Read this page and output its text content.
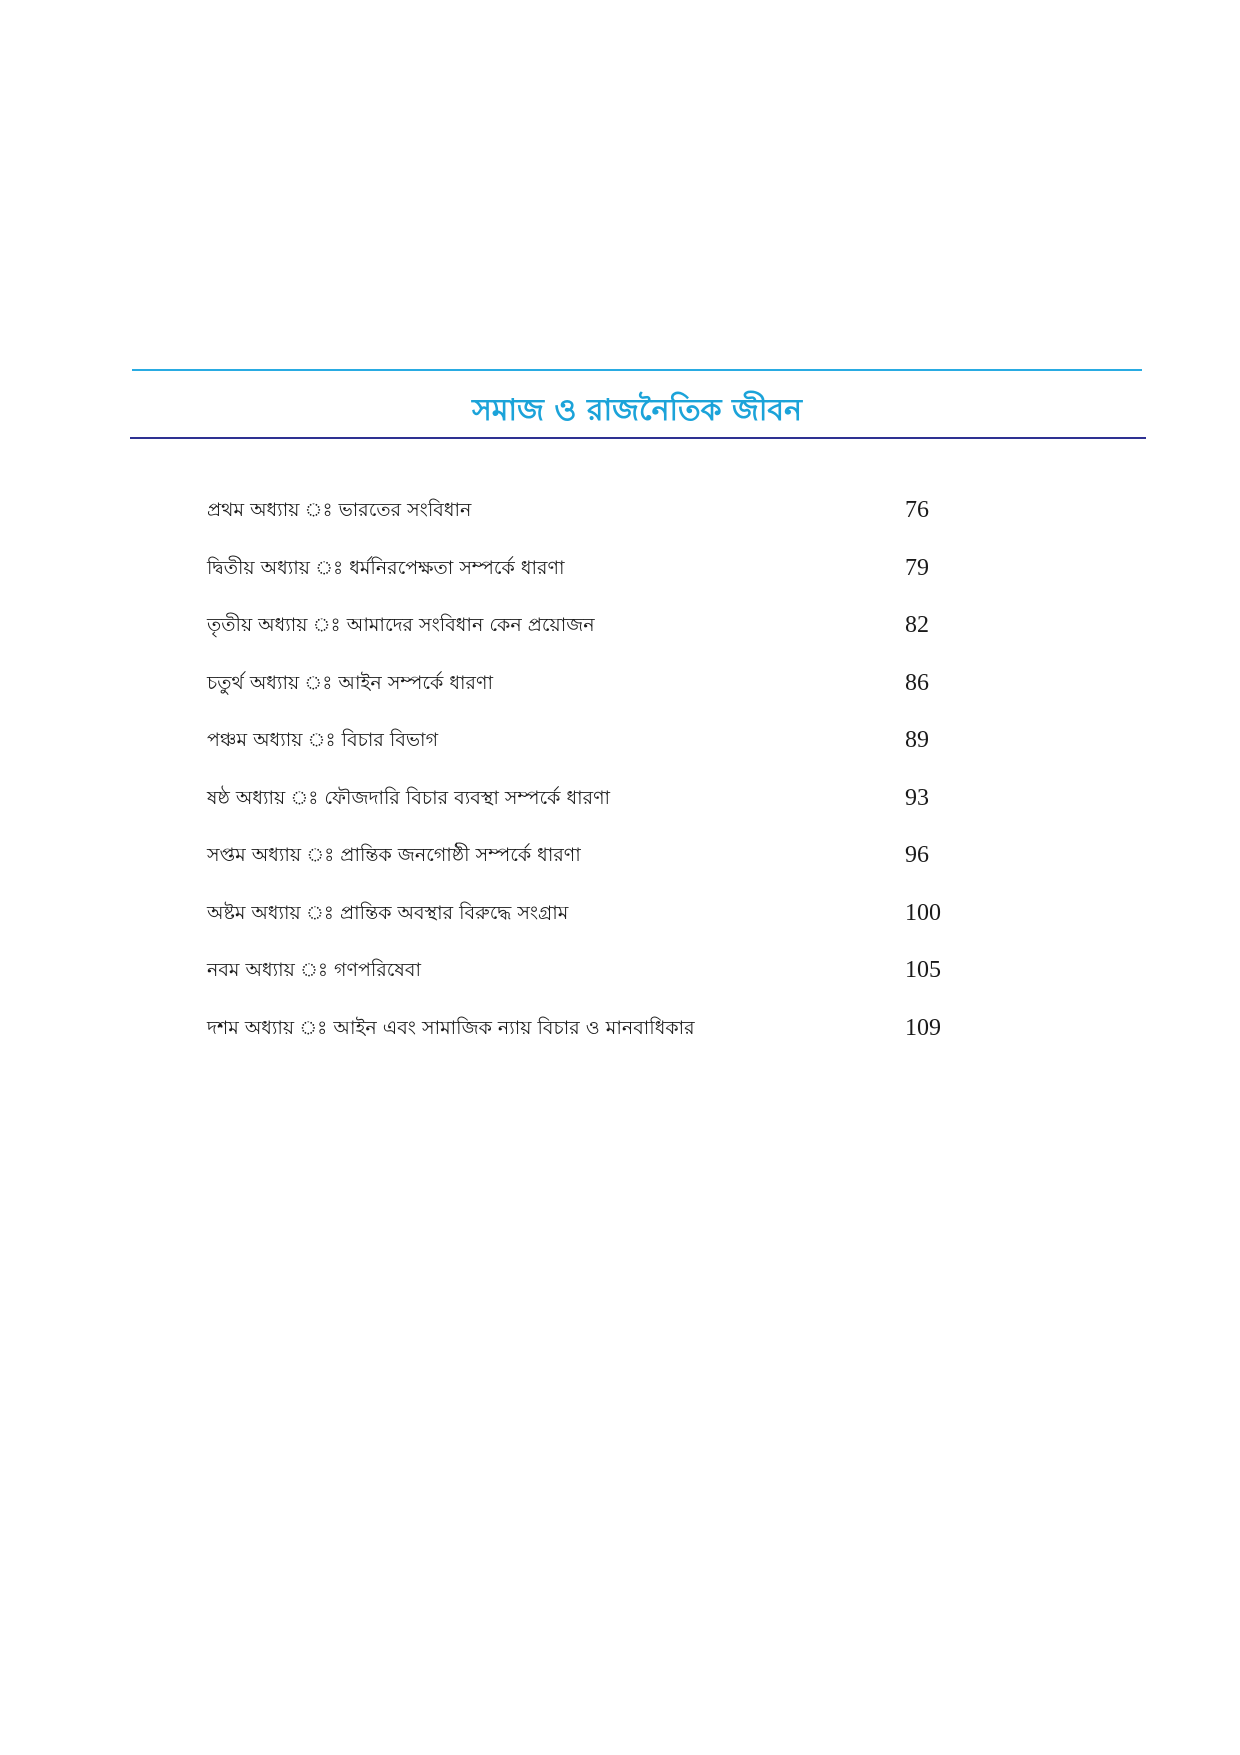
সমাজ ও রাজনৈতিক জীবন
প্রথম অধ্যায় ঃ ভারতের সংবিধান	76
দ্বিতীয় অধ্যায় ঃ ধর্মনিরপেক্ষতা সম্পর্কে ধারণা	79
তৃতীয় অধ্যায় ঃ আমাদের সংবিধান কেন প্রয়োজন	82
চতুর্থ অধ্যায় ঃ আইন সম্পর্কে ধারণা	86
পঞ্চম অধ্যায় ঃ বিচার বিভাগ	89
ষষ্ঠ অধ্যায় ঃ ফৌজদারি বিচার ব্যবস্থা সম্পর্কে ধারণা	93
সপ্তম অধ্যায় ঃ প্রান্তিক জনগোষ্ঠী সম্পর্কে ধারণা	96
অষ্টম অধ্যায় ঃ প্রান্তিক অবস্থার বিরুদ্ধে সংগ্রাম	100
নবম অধ্যায় ঃ গণপরিষেবা	105
দশম অধ্যায় ঃ আইন এবং সামাজিক ন্যায় বিচার ও মানবাধিকার	109
